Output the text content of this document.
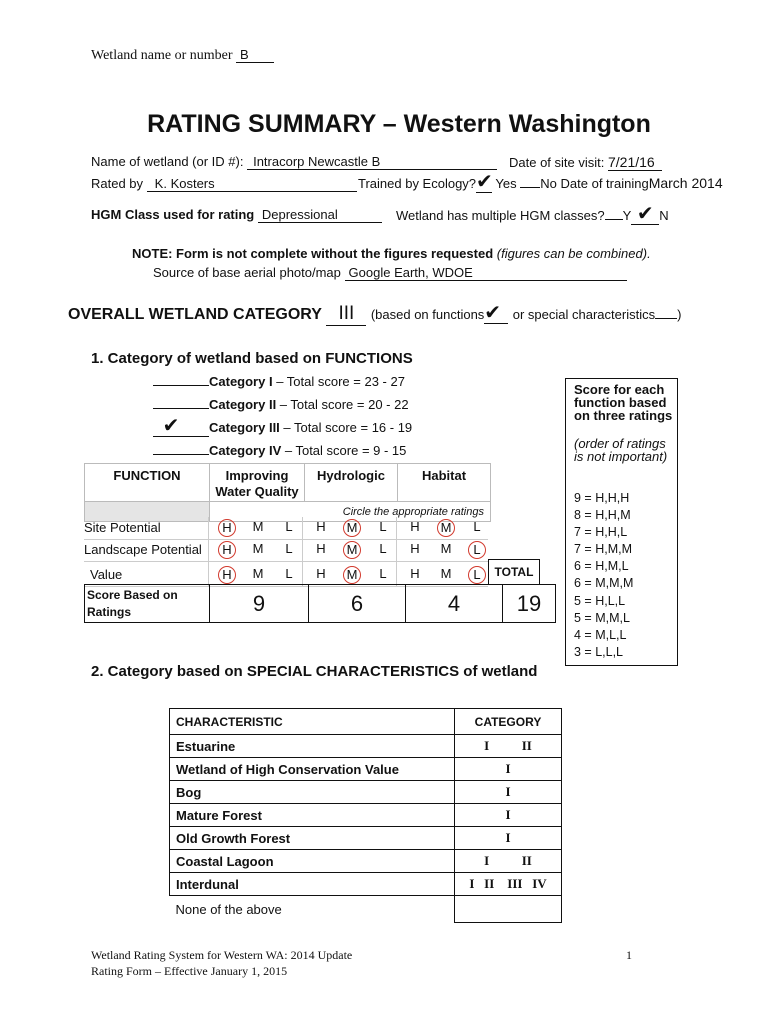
Wetland name or number B
RATING SUMMARY – Western Washington
Name of wetland (or ID #): Intracorp Newcastle B	Date of site visit: 7/21/16
Rated by K. Kosters	Trained by Ecology?✔ Yes No Date of trainingMarch 2014
HGM Class used for rating Depressional	Wetland has multiple HGM classes? Y ✔ N
NOTE: Form is not complete without the figures requested (figures can be combined).
Source of base aerial photo/map Google Earth, WDOE
OVERALL WETLAND CATEGORY III (based on functions✔ or special characteristics )
1. Category of wetland based on FUNCTIONS
Category I – Total score = 23 - 27
Category II – Total score = 20 - 22
✔ Category III – Total score = 16 - 19
Category IV – Total score = 9 - 15
FUNCTION	Improving Water Quality	Hydrologic	Habitat
	Circle the appropriate ratings		
Site Potential	H	M	L	H	M	L	H	M	L
Landscape Potential	H	M	L	H	M	L	H	M	L
Value	H	M	L	H	M	L	H	M	L	TOTAL
Score Based on Ratings	9	6	4	19
Score for each function based on three ratings
(order of ratings is not important)
9 = H,H,H
8 = H,H,M
7 = H,H,L
7 = H,M,M
6 = H,M,L
6 = M,M,M
5 = H,L,L
5 = M,M,L
4 = M,L,L
3 = L,L,L
2. Category based on SPECIAL CHARACTERISTICS of wetland
CHARACTERISTIC	CATEGORY
Estuarine	I          II
Wetland of High Conservation Value	I
Bog	I
Mature Forest	I
Old Growth Forest	I
Coastal Lagoon	I          II
Interdunal	I   II    III   IV
None of the above	
Wetland Rating System for Western WA: 2014 Update
Rating Form – Effective January 1, 2015
1
